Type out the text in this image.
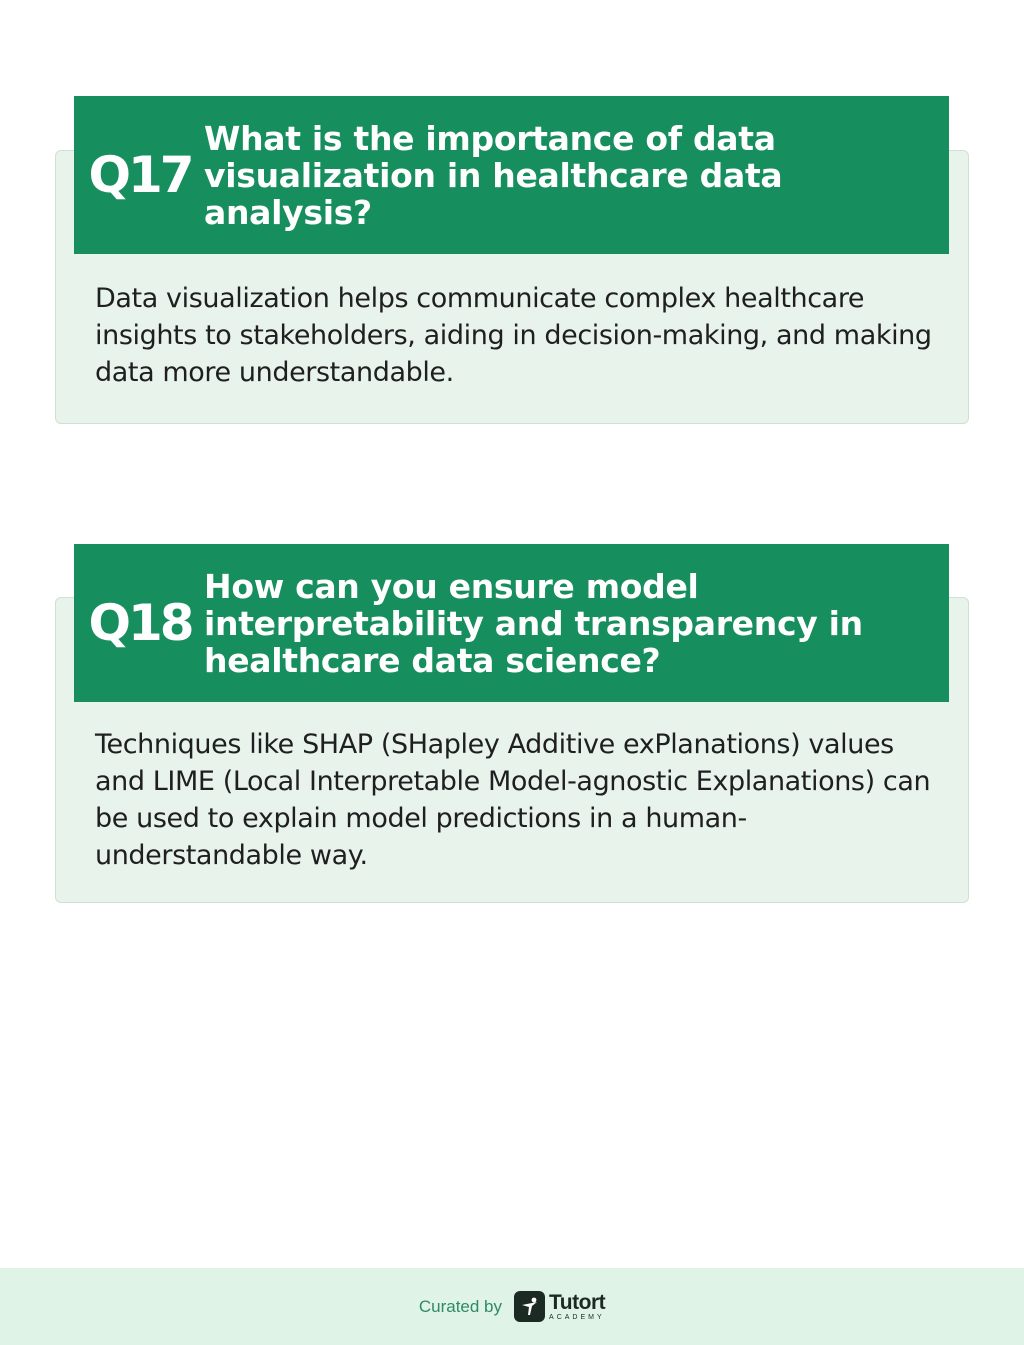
Q17
What is the importance of data visualization in healthcare data analysis?
Data visualization helps communicate complex healthcare insights to stakeholders, aiding in decision-making, and making data more understandable.
Q18
How can you ensure model interpretability and transparency in healthcare data science?
Techniques like SHAP (SHapley Additive exPlanations) values and LIME (Local Interpretable Model-agnostic Explanations) can be used to explain model predictions in a human-understandable way.
Curated by Tutort
ACADEMY
